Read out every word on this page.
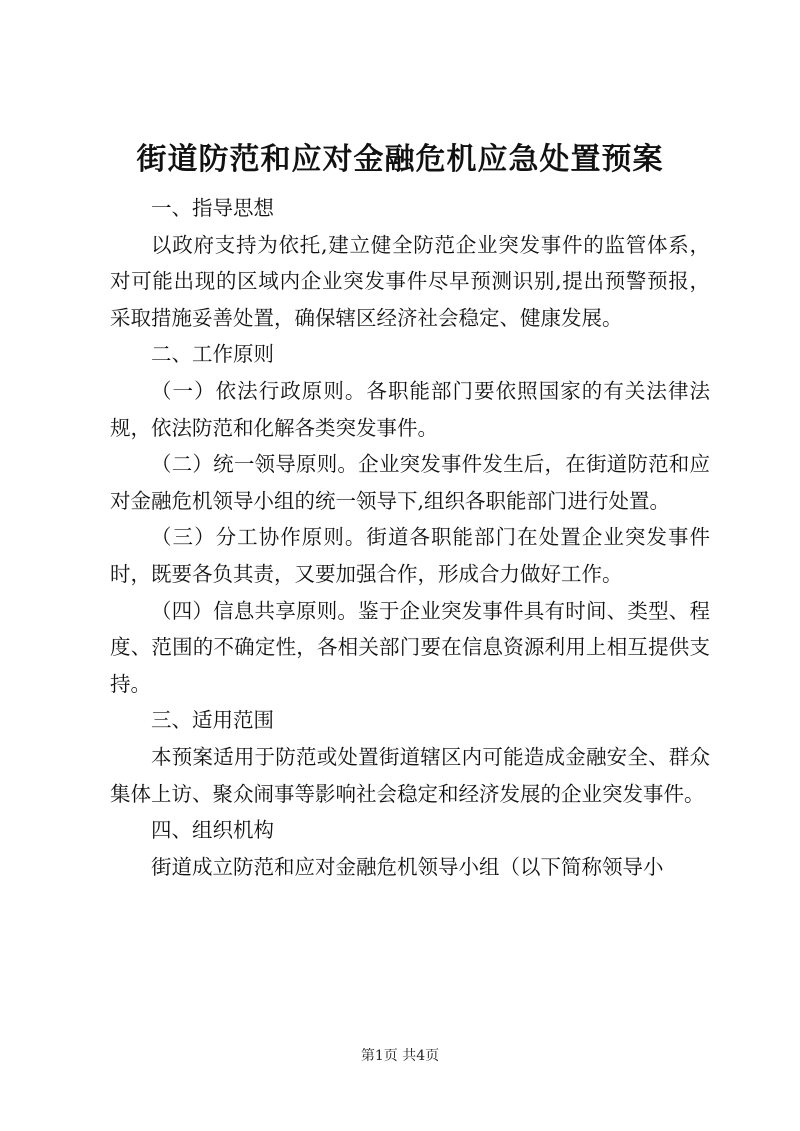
街道防范和应对金融危机应急处置预案

一、指导思想

以政府支持为依托,建立健全防范企业突发事件的监管体系，对可能出现的区域内企业突发事件尽早预测识别,提出预警预报，采取措施妥善处置，确保辖区经济社会稳定、健康发展。

二、工作原则

（一）依法行政原则。各职能部门要依照国家的有关法律法规，依法防范和化解各类突发事件。

（二）统一领导原则。企业突发事件发生后，在街道防范和应对金融危机领导小组的统一领导下,组织各职能部门进行处置。

（三）分工协作原则。街道各职能部门在处置企业突发事件时，既要各负其责，又要加强合作，形成合力做好工作。

（四）信息共享原则。鉴于企业突发事件具有时间、类型、程度、范围的不确定性，各相关部门要在信息资源利用上相互提供支持。

三、适用范围

本预案适用于防范或处置街道辖区内可能造成金融安全、群众集体上访、聚众闹事等影响社会稳定和经济发展的企业突发事件。

四、组织机构

街道成立防范和应对金融危机领导小组（以下简称领导小

第1页 共4页
